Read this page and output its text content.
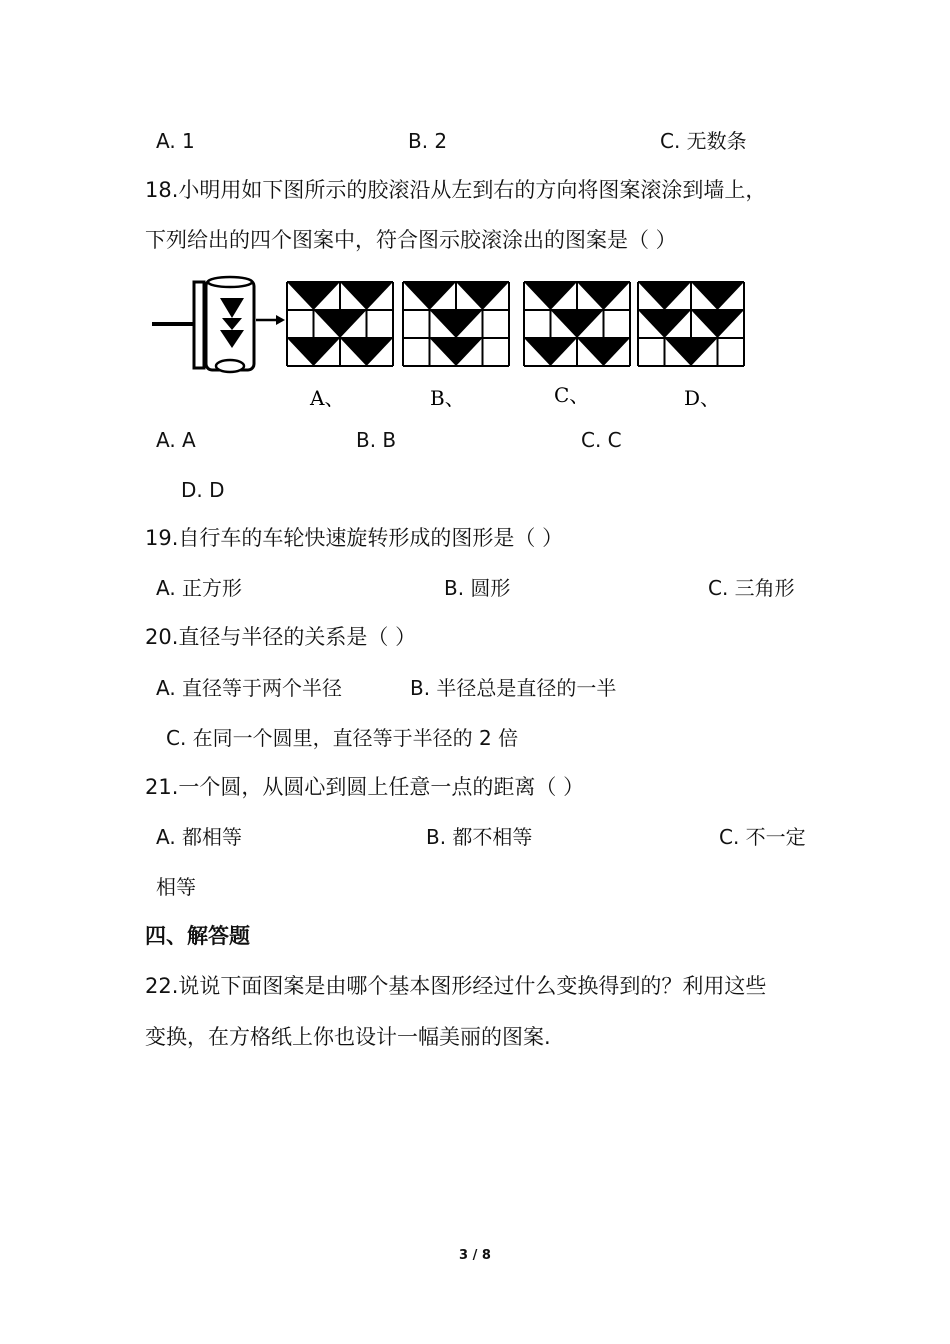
A. 1	B. 2	C. 无数条
18.小明用如下图所示的胶滚沿从左到右的方向将图案滚涂到墙上，
下列给出的四个图案中，符合图示胶滚涂出的图案是（ ）
A、	B、	C、	D、
A. A	B. B	C. C
D. D
19.自行车的车轮快速旋转形成的图形是（ ）
A. 正方形	B. 圆形	C. 三角形
20.直径与半径的关系是（ ）
A. 直径等于两个半径	B. 半径总是直径的一半
C. 在同一个圆里，直径等于半径的 2 倍
21.一个圆，从圆心到圆上任意一点的距离（ ）
A. 都相等	B. 都不相等	C. 不一定
相等
四、解答题
22.说说下面图案是由哪个基本图形经过什么变换得到的？利用这些
变换，在方格纸上你也设计一幅美丽的图案.
3 / 8
